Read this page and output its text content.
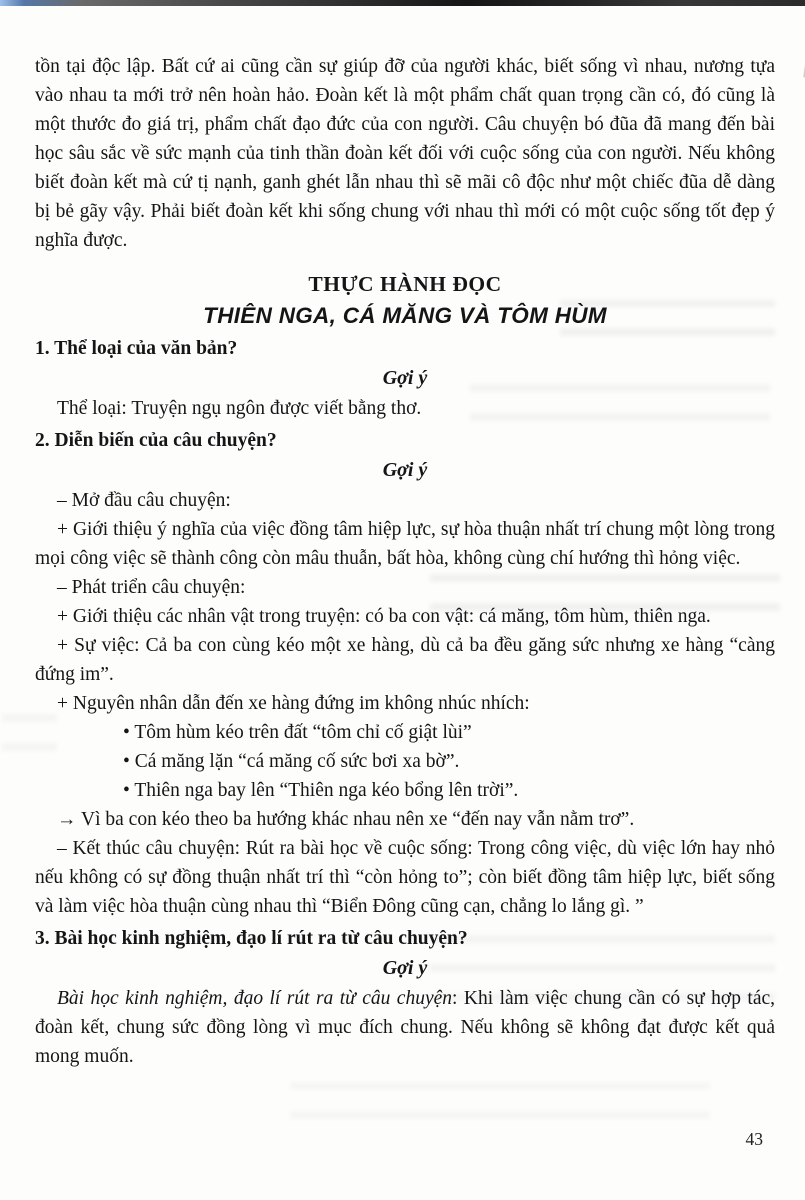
tồn tại độc lập. Bất cứ ai cũng cần sự giúp đỡ của người khác, biết sống vì nhau, nương tựa vào nhau ta mới trở nên hoàn hảo. Đoàn kết là một phẩm chất quan trọng cần có, đó cũng là một thước đo giá trị, phẩm chất đạo đức của con người. Câu chuyện bó đũa đã mang đến bài học sâu sắc về sức mạnh của tinh thần đoàn kết đối với cuộc sống của con người. Nếu không biết đoàn kết mà cứ tị nạnh, ganh ghét lẫn nhau thì sẽ mãi cô độc như một chiếc đũa dễ dàng bị bẻ gãy vậy. Phải biết đoàn kết khi sống chung với nhau thì mới có một cuộc sống tốt đẹp ý nghĩa được.

THỰC HÀNH ĐỌC

THIÊN NGA, CÁ MĂNG VÀ TÔM HÙM

1. Thể loại của văn bản?

Gợi ý

Thể loại: Truyện ngụ ngôn được viết bằng thơ.

2. Diễn biến của câu chuyện?

Gợi ý

– Mở đầu câu chuyện:

+ Giới thiệu ý nghĩa của việc đồng tâm hiệp lực, sự hòa thuận nhất trí chung một lòng trong mọi công việc sẽ thành công còn mâu thuẫn, bất hòa, không cùng chí hướng thì hỏng việc.

– Phát triển câu chuyện:

+ Giới thiệu các nhân vật trong truyện: có ba con vật: cá măng, tôm hùm, thiên nga.

+ Sự việc: Cả ba con cùng kéo một xe hàng, dù cả ba đều găng sức nhưng xe hàng “càng đứng im”.

+ Nguyên nhân dẫn đến xe hàng đứng im không nhúc nhích:

• Tôm hùm kéo trên đất “tôm chỉ cố giật lùi”

• Cá măng lặn “cá măng cố sức bơi xa bờ”.

• Thiên nga bay lên “Thiên nga kéo bổng lên trời”.

→ Vì ba con kéo theo ba hướng khác nhau nên xe “đến nay vẫn nằm trơ”.

– Kết thúc câu chuyện: Rút ra bài học về cuộc sống: Trong công việc, dù việc lớn hay nhỏ nếu không có sự đồng thuận nhất trí thì “còn hỏng to”; còn biết đồng tâm hiệp lực, biết sống và làm việc hòa thuận cùng nhau thì “Biển Đông cũng cạn, chẳng lo lắng gì. ”

3. Bài học kinh nghiệm, đạo lí rút ra từ câu chuyện?

Gợi ý

Bài học kinh nghiệm, đạo lí rút ra từ câu chuyện: Khi làm việc chung cần có sự hợp tác, đoàn kết, chung sức đồng lòng vì mục đích chung. Nếu không sẽ không đạt được kết quả mong muốn.

43
